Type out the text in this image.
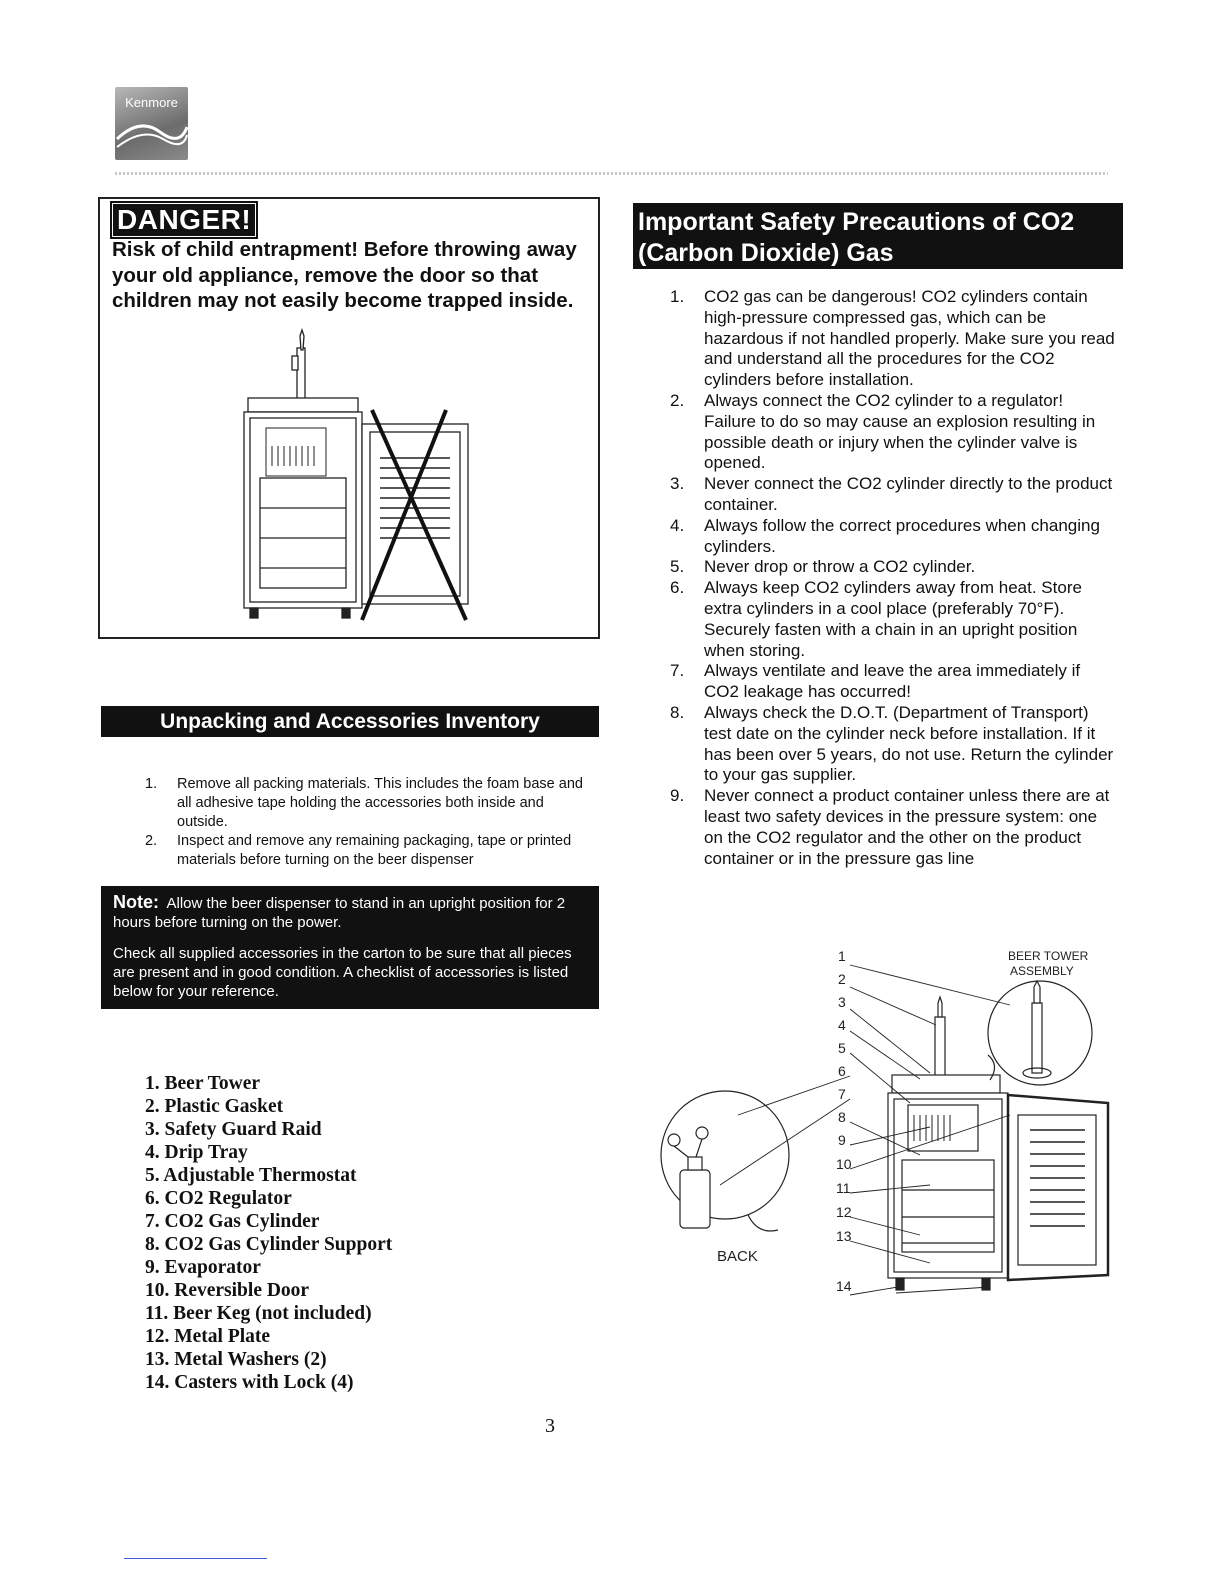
Kenmore
DANGER!
Risk of child entrapment! Before throwing away your old appliance, remove the door so that children may not easily become trapped inside.
Unpacking and Accessories Inventory
1. Remove all packing materials. This includes the foam base and all adhesive tape holding the accessories both inside and outside.
2. Inspect and remove any remaining packaging, tape or printed materials before turning on the beer dispenser
Note: Allow the beer dispenser to stand in an upright position for 2 hours before turning on the power.
Check all supplied accessories in the carton to be sure that all pieces are present and in good condition. A checklist of accessories is listed below for your reference.
1. Beer Tower
2. Plastic Gasket
3. Safety Guard Raid
4. Drip Tray
5. Adjustable Thermostat
6. CO2 Regulator
7. CO2 Gas Cylinder
8. CO2 Gas Cylinder Support
9. Evaporator
10. Reversible Door
11. Beer Keg (not included)
12. Metal Plate
13. Metal Washers (2)
14. Casters with Lock (4)
3
Important Safety Precautions of CO2 (Carbon Dioxide) Gas
1. CO2 gas can be dangerous! CO2 cylinders contain high-pressure compressed gas, which can be hazardous if not handled properly. Make sure you read and understand all the procedures for the CO2 cylinders before installation.
2. Always connect the CO2 cylinder to a regulator! Failure to do so may cause an explosion resulting in possible death or injury when the cylinder valve is opened.
3. Never connect the CO2 cylinder directly to the product container.
4. Always follow the correct procedures when changing cylinders.
5. Never drop or throw a CO2 cylinder.
6. Always keep CO2 cylinders away from heat. Store extra cylinders in a cool place (preferably 70°F). Securely fasten with a chain in an upright position when storing.
7. Always ventilate and leave the area immediately if CO2 leakage has occurred!
8. Always check the D.O.T. (Department of Transport) test date on the cylinder neck before installation. If it has been over 5 years, do not use. Return the cylinder to your gas supplier.
9. Never connect a product container unless there are at least two safety devices in the pressure system: one on the CO2 regulator and the other on the product container or in the pressure gas line
1
2
3
4
5
6
7
8
9
10
11
12
13
14
BEER TOWER
ASSEMBLY
BACK
